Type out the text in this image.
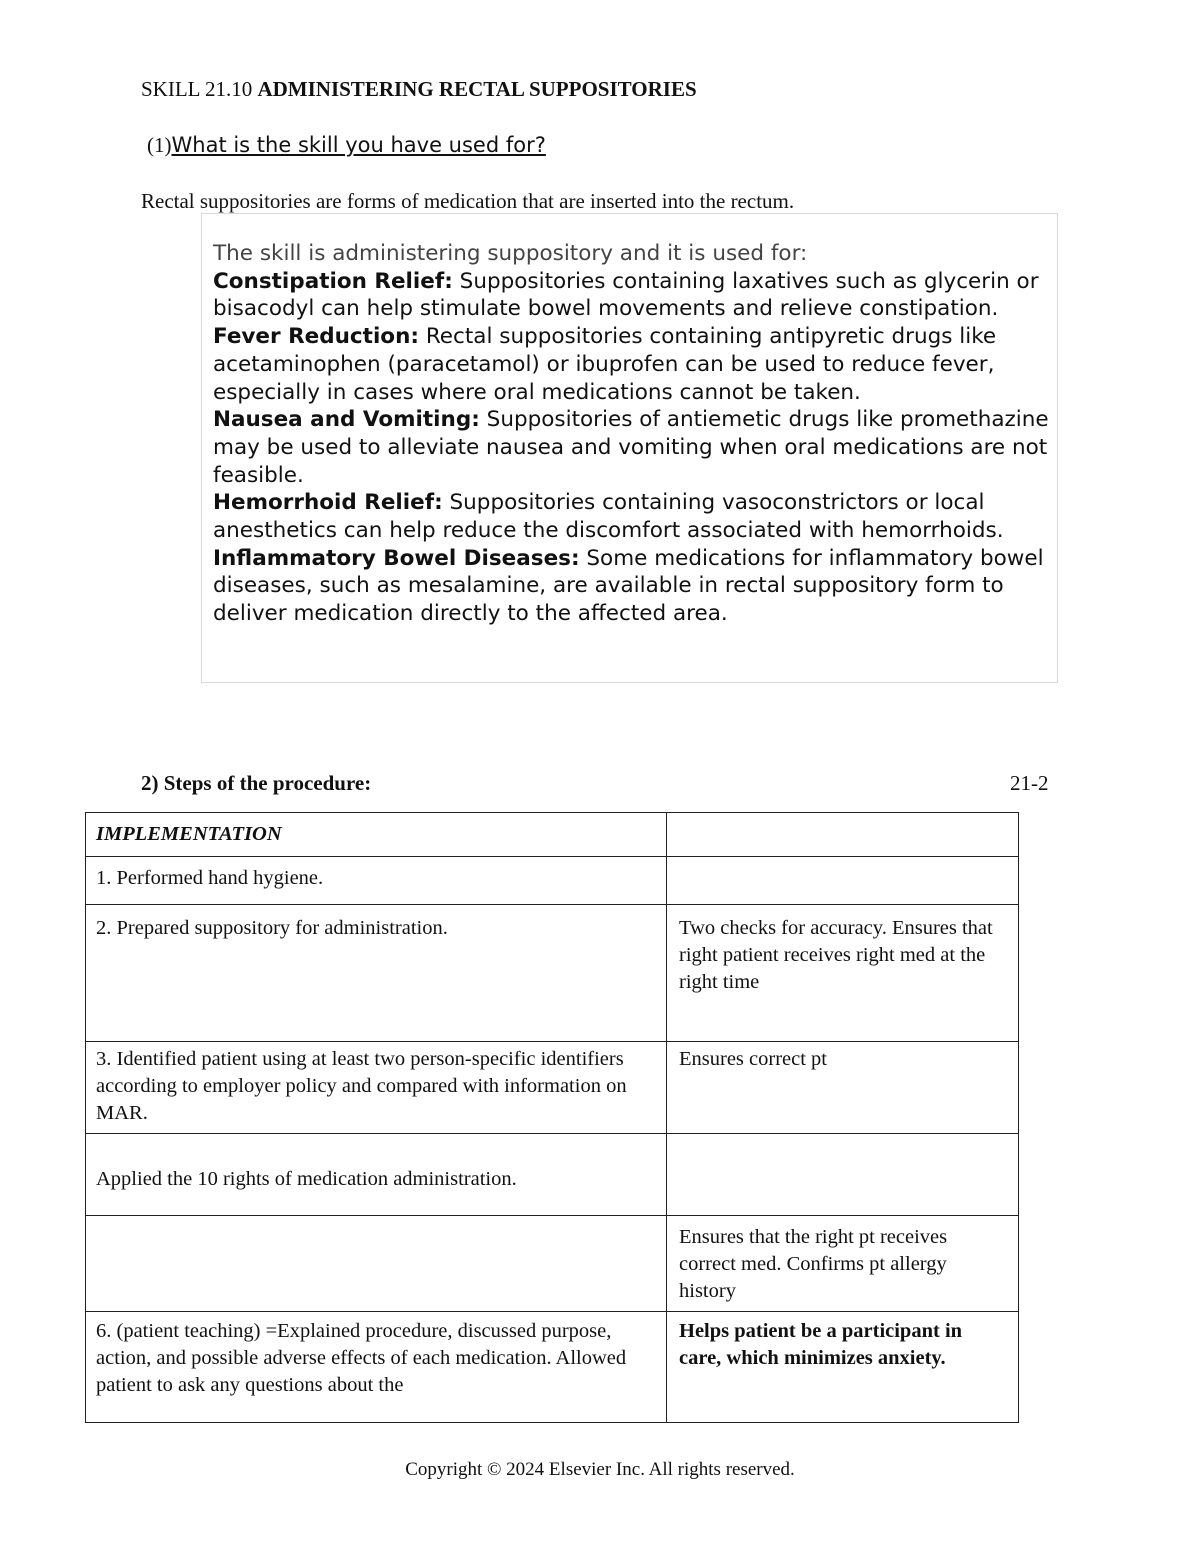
SKILL 21.10 ADMINISTERING RECTAL SUPPOSITORIES
(1)What is the skill you have used for?
Rectal suppositories are forms of medication that are inserted into the rectum.
The skill is administering suppository and it is used for:
Constipation Relief: Suppositories containing laxatives such as glycerin or bisacodyl can help stimulate bowel movements and relieve constipation.
Fever Reduction: Rectal suppositories containing antipyretic drugs like acetaminophen (paracetamol) or ibuprofen can be used to reduce fever, especially in cases where oral medications cannot be taken.
Nausea and Vomiting: Suppositories of antiemetic drugs like promethazine may be used to alleviate nausea and vomiting when oral medications are not feasible.
Hemorrhoid Relief: Suppositories containing vasoconstrictors or local anesthetics can help reduce the discomfort associated with hemorrhoids.
Inflammatory Bowel Diseases: Some medications for inflammatory bowel diseases, such as mesalamine, are available in rectal suppository form to deliver medication directly to the affected area.
2) Steps of the procedure:	21-2
IMPLEMENTATION	
1. Performed hand hygiene.	
2. Prepared suppository for administration.	Two checks for accuracy. Ensures that right patient receives right med at the right time
3. Identified patient using at least two person-specific identifiers according to employer policy and compared with information on MAR.	Ensures correct pt
Applied the 10 rights of medication administration.	
	Ensures that the right pt receives correct med. Confirms pt allergy history
6. (patient teaching) =Explained procedure, discussed purpose, action, and possible adverse effects of each medication. Allowed patient to ask any questions about the	Helps patient be a participant in care, which minimizes anxiety.
Copyright © 2024 Elsevier Inc. All rights reserved.
